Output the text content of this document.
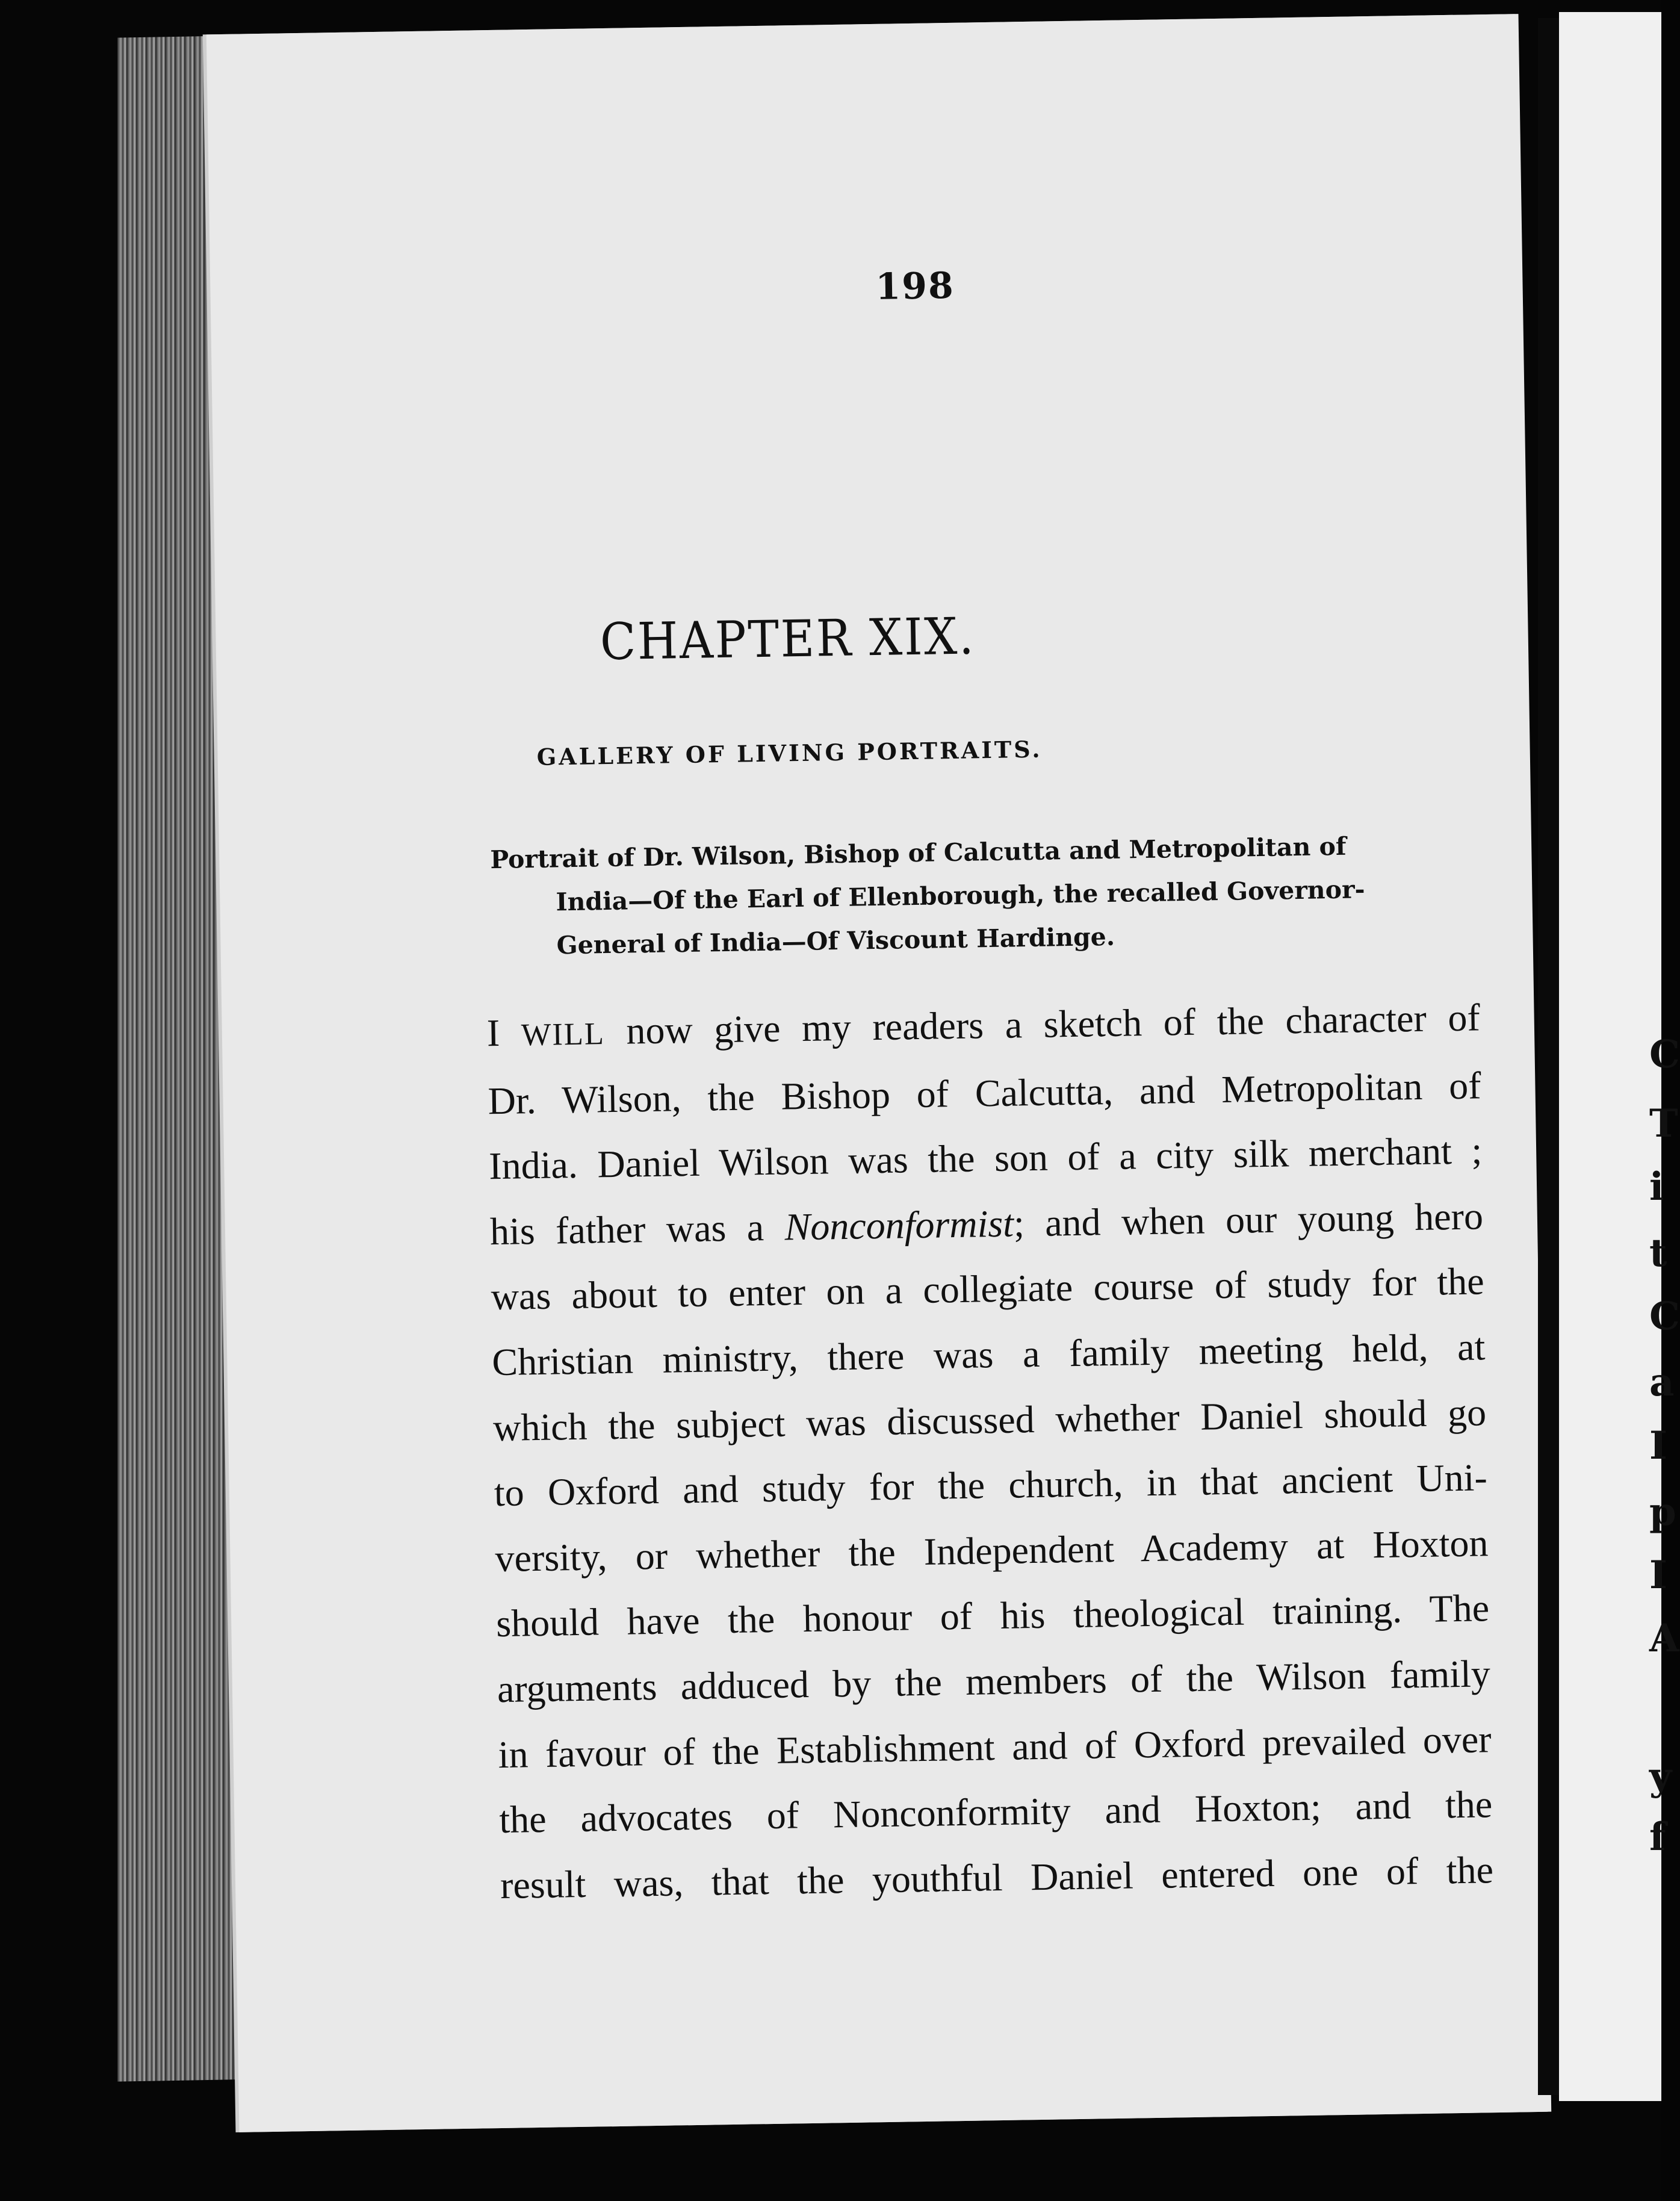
198
CHAPTER XIX.
GALLERY OF LIVING PORTRAITS.
Portrait of Dr. Wilson, Bishop of Calcutta and Metropolitan of
India—Of the Earl of Ellenborough, the recalled Governor-
General of India—Of Viscount Hardinge.
I WILL now give my readers a sketch of the character of
Dr. Wilson, the Bishop of Calcutta, and Metropolitan of
India. Daniel Wilson was the son of a city silk merchant ;
his father was a Nonconformist; and when our young hero
was about to enter on a collegiate course of study for the
Christian ministry, there was a family meeting held, at
which the subject was discussed whether Daniel should go
to Oxford and study for the church, in that ancient Uni-
versity, or whether the Independent Academy at Hoxton
should have the honour of his theological training. The
arguments adduced by the members of the Wilson family
in favour of the Establishment and of Oxford prevailed over
the advocates of Nonconformity and Hoxton; and the
result was, that the youthful Daniel entered one of the
C
T
i
t
C
a
I
p
I
A
y
f
